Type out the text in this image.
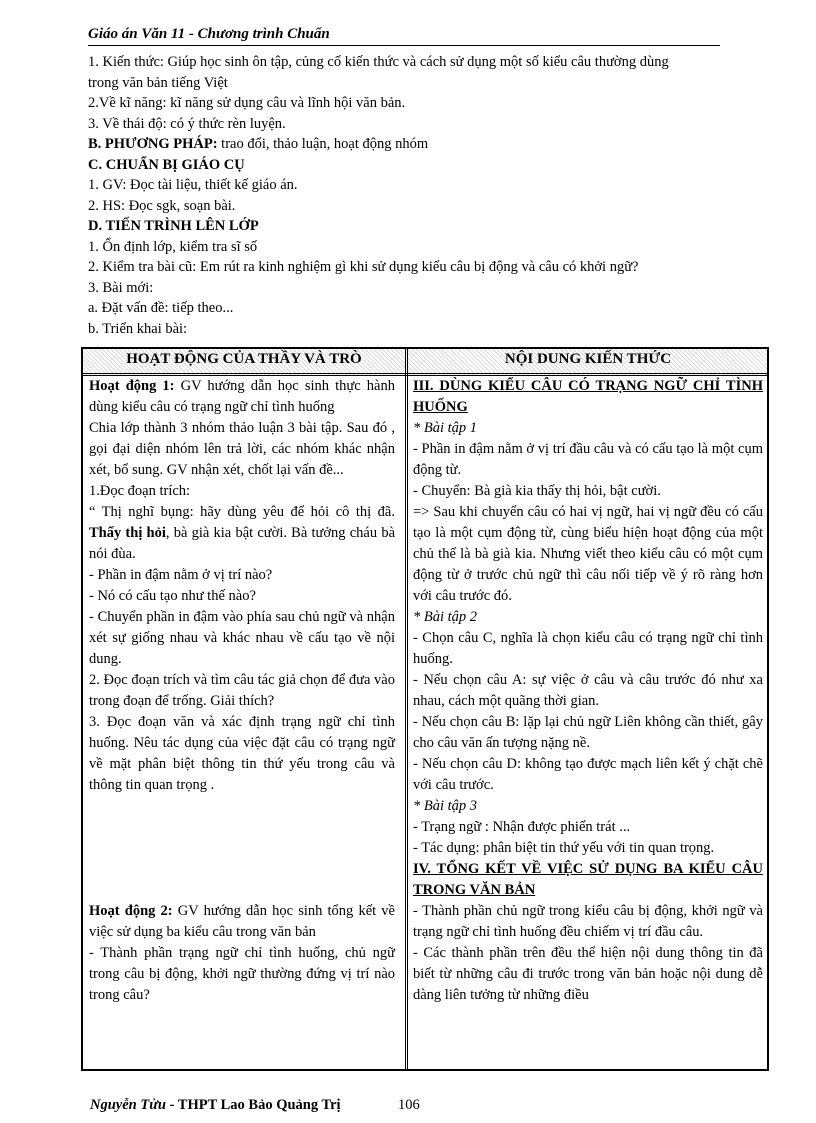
Giáo án Văn 11 - Chương trình Chuẩn

1. Kiến thức: Giúp học sinh ôn tập, củng cố kiến thức và cách sử dụng một số kiểu câu thường dùng

trong văn bản tiếng Việt

2.Về kĩ năng: kĩ năng sử dụng câu và lĩnh hội văn bản.

3. Về thái độ: có ý thức rèn luyện.

B. PHƯƠNG PHÁP: trao đổi, thảo luận, hoạt động nhóm

C. CHUẨN BỊ GIÁO CỤ

1. GV: Đọc tài liệu, thiết kế giáo án.

2. HS: Đọc sgk, soạn bài.

D. TIẾN TRÌNH LÊN LỚP

1. Ổn định lớp, kiểm tra sĩ số

2. Kiểm tra bài cũ: Em rút ra kinh nghiệm gì khi sử dụng kiểu câu bị động và câu có khởi ngữ?

3. Bài mới:

a. Đặt vấn đề: tiếp theo...

b. Triển khai bài:

HOẠT ĐỘNG CỦA THẦY VÀ TRÒ	NỘI DUNG KIẾN THỨC

Hoạt động 1: GV hướng dẫn học sinh thực hành dùng kiểu câu có trạng ngữ chỉ tình huống

Chia lớp thành 3 nhóm thảo luận 3 bài tập. Sau đó , gọi đại diện nhóm lên trả lời, các nhóm khác nhận xét, bổ sung. GV nhận xét, chốt lại vấn đề...

1.Đọc đoạn trích:

“ Thị nghĩ bụng: hãy dùng yêu để hỏi cô thị đã. Thấy thị hỏi, bà già kia bật cười. Bà tưởng cháu bà nói đùa.

- Phần in đậm nằm ở vị trí nào?

- Nó có cấu tạo như thế nào?

- Chuyển phần in đậm vào phía sau chủ ngữ và nhận xét sự giống nhau và khác nhau về cấu tạo về nội dung.

2. Đọc đoạn trích và tìm câu tác giả chọn để đưa vào trong đoạn để trống. Giải thích?

3. Đọc đoạn văn và xác định trạng ngữ chỉ tình huống. Nêu tác dụng của việc đặt câu có trạng ngữ về mặt phân biệt thông tin thứ yếu trong câu và thông tin quan trọng .

Hoạt động 2: GV hướng dẫn học sinh tổng kết về việc sử dụng ba kiểu câu trong văn bản

- Thành phần trạng ngữ chỉ tình huống, chủ ngữ trong câu bị động, khởi ngữ thường đứng vị trí nào trong câu?

III. DÙNG KIỂU CÂU CÓ TRẠNG NGỮ CHỈ TÌNH HUỐNG

* Bài tập 1

- Phần in đậm nằm ở vị trí đầu câu và có cấu tạo là một cụm động từ.

- Chuyển: Bà già kia thấy thị hỏi, bật cười.

=> Sau khi chuyển câu có hai vị ngữ, hai vị ngữ đều có cấu tạo là một cụm động từ, cùng biểu hiện hoạt động của một chủ thể là bà già kia. Nhưng viết theo kiểu câu có một cụm động từ ở trước chủ ngữ thì câu nối tiếp về ý rõ ràng hơn với câu trước đó.

* Bài tập 2

- Chọn câu C, nghĩa là chọn kiểu câu có trạng ngữ chỉ tình huống.

- Nếu chọn câu A: sự việc ở câu và câu trước đó như xa nhau, cách một quãng thời gian.

- Nếu chọn câu B: lặp lại chủ ngữ Liên không cần thiết, gây cho câu văn ấn tượng nặng nề.

- Nếu chọn câu D: không tạo được mạch liên kết ý chặt chẽ với câu trước.

* Bài tập 3

- Trạng ngữ : Nhận được phiến trát ...

- Tác dụng: phân biệt tin thứ yếu với tin quan trọng.

IV. TỔNG KẾT VỀ VIỆC SỬ DỤNG BA KIỂU CÂU TRONG VĂN BẢN

- Thành phần chủ ngữ trong kiểu câu bị động, khởi ngữ và trạng ngữ chỉ tình huống đều chiếm vị trí đầu câu.

- Các thành phần trên đều thể hiện nội dung thông tin đã biết từ những câu đi trước trong văn bản hoặc nội dung dễ dàng liên tưởng từ những điều

Nguyễn Tửu - THPT Lao Bảo Quảng Trị	106
